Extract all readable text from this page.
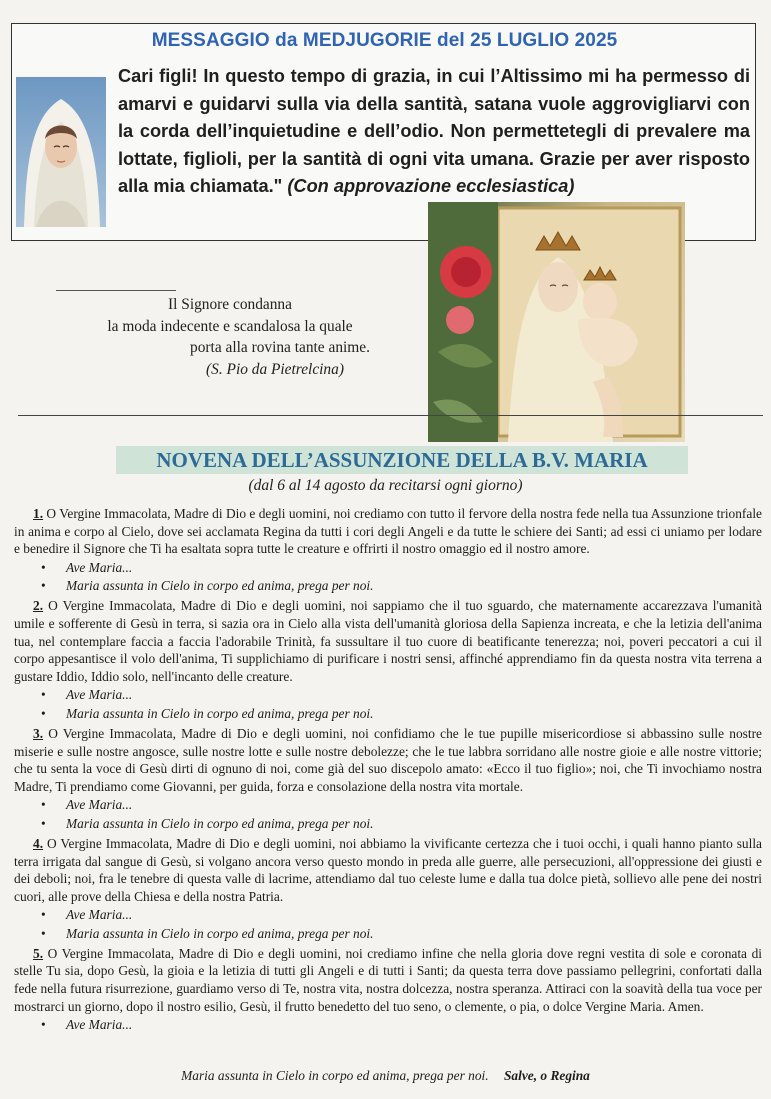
MESSAGGIO da MEDJUGORIE del 25 LUGLIO 2025
Cari figli! In questo tempo di grazia, in cui l’Altissimo mi ha permesso di amarvi e guidarvi sulla via della santità, satana vuole aggrovigliarvi con la corda dell’inquietudine e dell’odio. Non permettetegli di prevalere ma lottate, figlioli, per la santità di ogni vita umana. Grazie per aver risposto alla mia chiamata." (Con approvazione ecclesiastica)
Il Signore condanna
la moda indecente e scandalosa la quale
porta alla rovina tante anime.
(S. Pio da Pietrelcina)
NOVENA DELL’ASSUNZIONE DELLA B.V. MARIA
(dal 6 al 14 agosto da recitarsi ogni giorno)

1. O Vergine Immacolata, Madre di Dio e degli uomini, noi crediamo con tutto il fervore della nostra fede nella tua Assunzione trionfale in anima e corpo al Cielo, dove sei acclamata Regina da tutti i cori degli Angeli e da tutte le schiere dei Santi; ad essi ci uniamo per lodare e benedire il Signore che Ti ha esaltata sopra tutte le creature e offrirti il nostro omaggio ed il nostro amore.

• Ave Maria...
• Maria assunta in Cielo in corpo ed anima, prega per noi.

2. O Vergine Immacolata, Madre di Dio e degli uomini, noi sappiamo che il tuo sguardo, che maternamente accarezzava l'umanità umile e sofferente di Gesù in terra, si sazia ora in Cielo alla vista dell'umanità gloriosa della Sapienza increata, e che la letizia dell'anima tua, nel contemplare faccia a faccia l'adorabile Trinità, fa sussultare il tuo cuore di beatificante tenerezza; noi, poveri peccatori a cui il corpo appesantisce il volo dell'anima, Ti supplichiamo di purificare i nostri sensi, affinché apprendiamo fin da questa nostra vita terrena a gustare Iddio, Iddio solo, nell'incanto delle creature.

• Ave Maria...
• Maria assunta in Cielo in corpo ed anima, prega per noi.

3. O Vergine Immacolata, Madre di Dio e degli uomini, noi confidiamo che le tue pupille misericordiose si abbassino sulle nostre miserie e sulle nostre angosce, sulle nostre lotte e sulle nostre debolezze; che le tue labbra sorridano alle nostre gioie e alle nostre vittorie; che tu senta la voce di Gesù dirti di ognuno di noi, come già del suo discepolo amato: «Ecco il tuo figlio»; noi, che Ti invochiamo nostra Madre, Ti prendiamo come Giovanni, per guida, forza e consolazione della nostra vita mortale.

• Ave Maria...
• Maria assunta in Cielo in corpo ed anima, prega per noi.

4. O Vergine Immacolata, Madre di Dio e degli uomini, noi abbiamo la vivificante certezza che i tuoi occhi, i quali hanno pianto sulla terra irrigata dal sangue di Gesù, si volgano ancora verso questo mondo in preda alle guerre, alle persecuzioni, all'oppressione dei giusti e dei deboli; noi, fra le tenebre di questa valle di lacrime, attendiamo dal tuo celeste lume e dalla tua dolce pietà, sollievo alle pene dei nostri cuori, alle prove della Chiesa e della nostra Patria.

• Ave Maria...
• Maria assunta in Cielo in corpo ed anima, prega per noi.

5. O Vergine Immacolata, Madre di Dio e degli uomini, noi crediamo infine che nella gloria dove regni vestita di sole e coronata di stelle Tu sia, dopo Gesù, la gioia e la letizia di tutti gli Angeli e di tutti i Santi; da questa terra dove passiamo pellegrini, confortati dalla fede nella futura risurrezione, guardiamo verso di Te, nostra vita, nostra dolcezza, nostra speranza. Attiraci con la soavità della tua voce per mostrarci un giorno, dopo il nostro esilio, Gesù, il frutto benedetto del tuo seno, o clemente, o pia, o dolce Vergine Maria. Amen.

• Ave Maria...
Maria assunta in Cielo in corpo ed anima, prega per noi. Salve, o Regina
